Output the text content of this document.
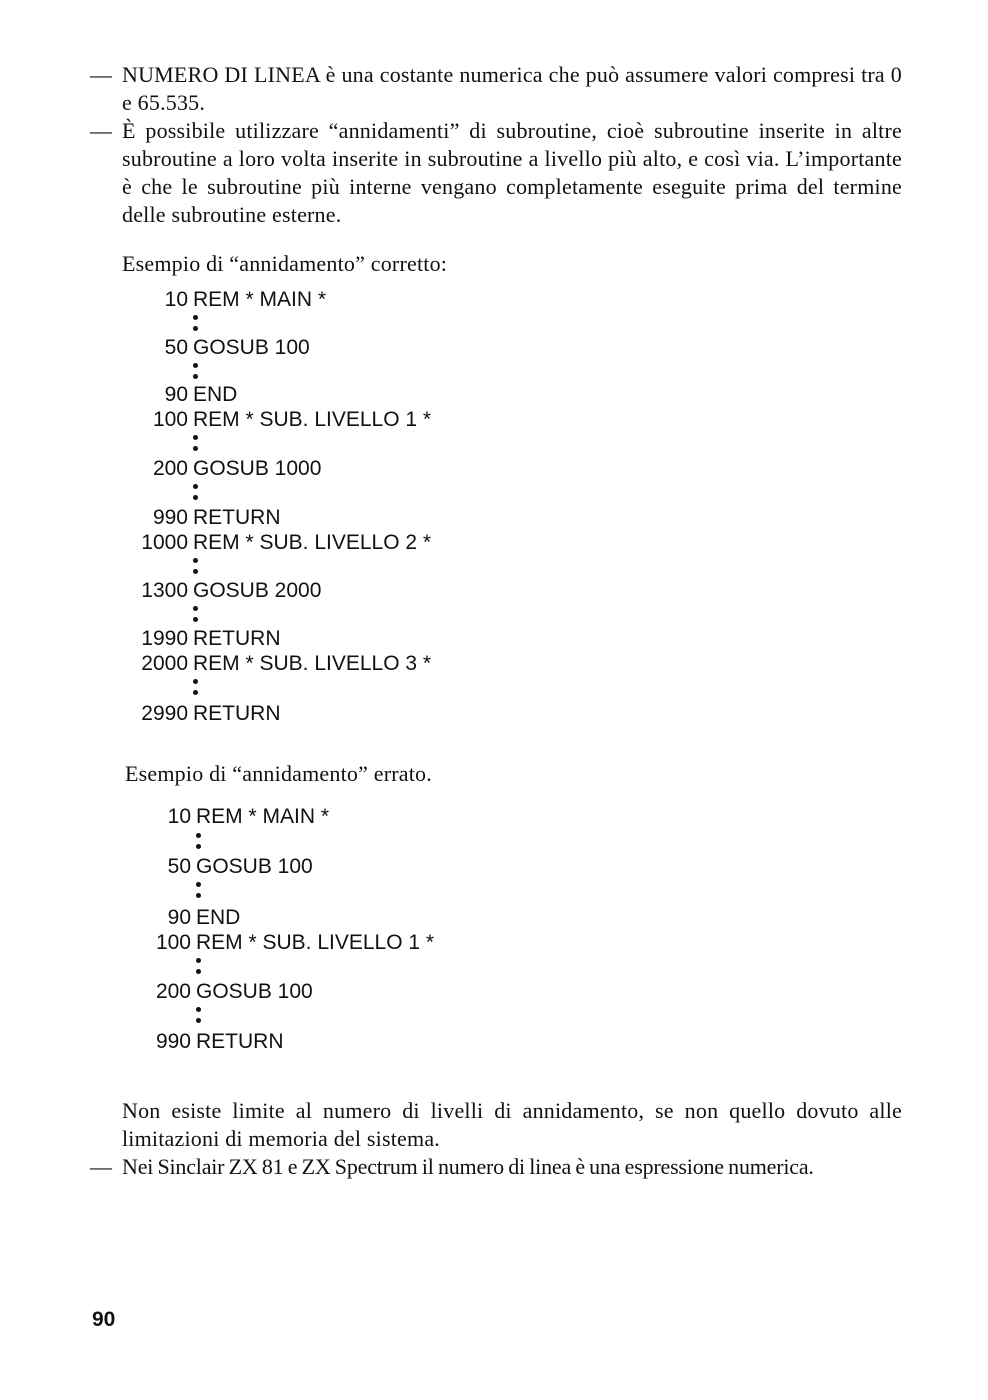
— NUMERO DI LINEA è una costante numerica che può assumere valori compresi tra 0 e 65.535.
— È possibile utilizzare “annidamenti” di subroutine, cioè subroutine inserite in altre subroutine a loro volta inserite in subroutine a livello più alto, e così via. L’importante è che le subroutine più interne vengano completamente eseguite prima del termine delle subroutine esterne.
Esempio di “annidamento” corretto:
10 REM * MAIN *
50 GOSUB 100
90 END
100 REM * SUB. LIVELLO 1 *
200 GOSUB 1000
990 RETURN
1000 REM * SUB. LIVELLO 2 *
1300 GOSUB 2000
1990 RETURN
2000 REM * SUB. LIVELLO 3 *
2990 RETURN
Esempio di “annidamento” errato.
10 REM * MAIN *
50 GOSUB 100
90 END
100 REM * SUB. LIVELLO 1 *
200 GOSUB 100
990 RETURN
Non esiste limite al numero di livelli di annidamento, se non quello dovuto alle limitazioni di memoria del sistema.
— Nei Sinclair ZX 81 e ZX Spectrum il numero di linea è una espressione numerica.
90
